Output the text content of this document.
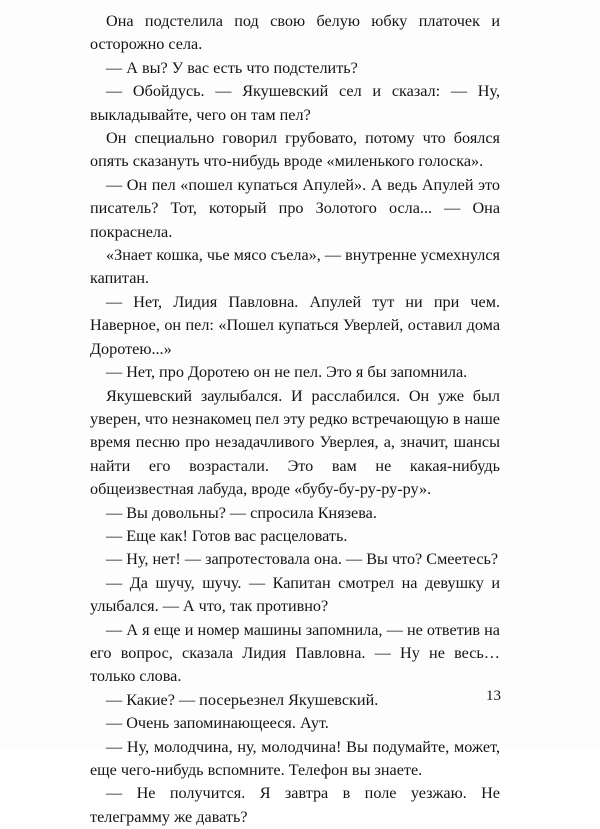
Она подстелила под свою белую юбку платочек и осторожно села.

— А вы? У вас есть что подстелить?

— Обойдусь. — Якушевский сел и сказал: — Ну, выкладывайте, чего он там пел?

Он специально говорил грубовато, потому что боялся опять сказануть что-нибудь вроде «миленького голоска».

— Он пел «пошел купаться Апулей». А ведь Апулей это писатель? Тот, который про Золотого осла... — Она покраснела.

«Знает кошка, чье мясо съела», — внутренне усмехнулся капитан.

— Нет, Лидия Павловна. Апулей тут ни при чем. Наверное, он пел: «Пошел купаться Уверлей, оставил дома Доротею...»

— Нет, про Доротею он не пел. Это я бы запомнила.

Якушевский заулыбался. И расслабился. Он уже был уверен, что незнакомец пел эту редко встречающую в наше время песню про незадачливого Уверлея, а, значит, шансы найти его возрастали. Это вам не какая-нибудь общеизвестная лабуда, вроде «бубу-бу-ру-ру-ру».

— Вы довольны? — спросила Князева.

— Еще как! Готов вас расцеловать.

— Ну, нет! — запротестовала она. — Вы что? Смеетесь?

— Да шучу, шучу. — Капитан смотрел на девушку и улыбался. — А что, так противно?

— А я еще и номер машины запомнила, — не ответив на его вопрос, сказала Лидия Павловна. — Ну не весь… только слова.

— Какие? — посерьезнел Якушевский.

— Очень запоминающееся. Аут.

— Ну, молодчина, ну, молодчина! Вы подумайте, может, еще чего-нибудь вспомните. Телефон вы знаете.

— Не получится. Я завтра в поле уезжаю. Не телеграмму же давать?

13
